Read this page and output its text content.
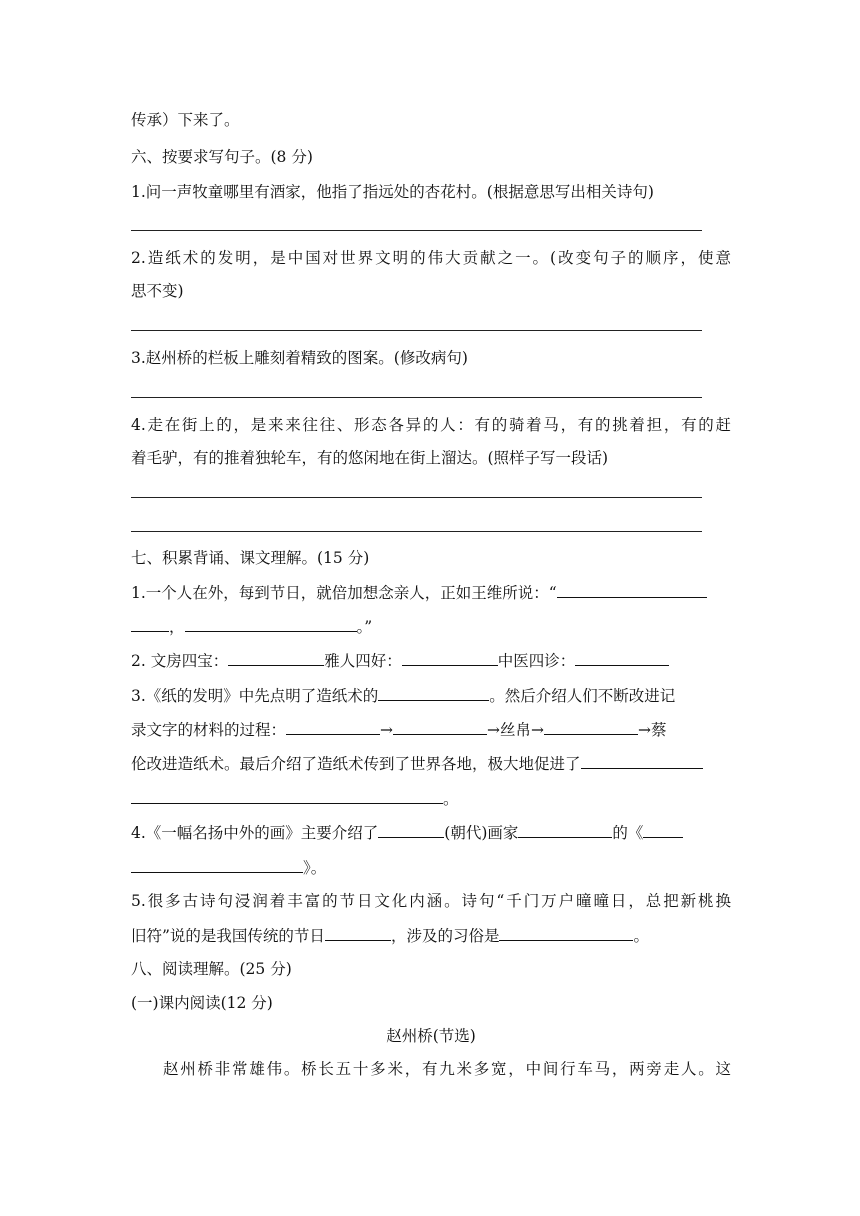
传承）下来了。
六、按要求写句子。(8 分)
1.问一声牧童哪里有酒家，他指了指远处的杏花村。(根据意思写出相关诗句)
2.造纸术的发明，是中国对世界文明的伟大贡献之一。(改变句子的顺序，使意
思不变)
3.赵州桥的栏板上雕刻着精致的图案。(修改病句)
4.走在街上的，是来来往往、形态各异的人：有的骑着马，有的挑着担，有的赶
着毛驴，有的推着独轮车，有的悠闲地在街上溜达。(照样子写一段话)
七、积累背诵、课文理解。(15 分)
1.一个人在外，每到节日，就倍加想念亲人，正如王维所说：“
，	。”
2. 文房四宝：	雅人四好：	中医四诊：
3.《纸的发明》中先点明了造纸术的	。然后介绍人们不断改进记
录文字的材料的过程：	→	→丝帛→	→蔡
伦改进造纸术。最后介绍了造纸术传到了世界各地，极大地促进了
。
4.《一幅名扬中外的画》主要介绍了	(朝代)画家	的《
》。
5.很多古诗句浸润着丰富的节日文化内涵。诗句“千门万户曈曈日，总把新桃换
旧符”说的是我国传统的节日	，涉及的习俗是	。
八、阅读理解。(25 分)
(一)课内阅读(12 分)
赵州桥(节选)
赵州桥非常雄伟。桥长五十多米，有九米多宽，中间行车马，两旁走人。这
